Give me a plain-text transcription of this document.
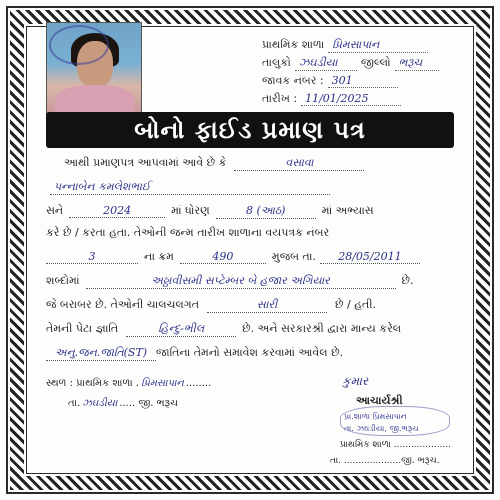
પ્રાથમિક શાળા પ્રિમસાપાન
તાલુકો ઝઘડીયા	જીલ્લો ભરૂચ
જાવક નંબર : 301
તારીખ : 11/01/2025
બોનો ફાઈડ પ્રમાણ પત્ર
આથી પ્રમાણપત્ર આપવામાં આવે છે કે	વસાવા
પન્નાબેન કમલેશભાઈ
સને	2024	માં ધોરણ	8 (આઠ)	માં અભ્યાસ
કરે છે / કરતા હતા. તેઓની જન્મ તારીખ શાળાના વયપત્રક નંબર
3	ના ક્રમ	490	મુજબ તા.	28/05/2011
શબ્દોમાં	અઠ્ઠાવીસમી સપ્ટેમ્બર બે હજાર અગિયાર	છે.
જે બરાબર છે. તેઓની ચાલચલગત	સારી	છે / હતી.
તેમની પેટા જ્ઞાતિ	હિન્દુ-ભીલ	છે. અને સરકારશ્રી દ્વારા માન્ય કરેલ
અનુ.જન.જાતિ(ST) જાતિના તેમનો સમાવેશ કરવામાં આવેલ છે.
સ્થળ : પ્રાથમિક શાળા . પ્રિમસાપાન ........
તા. ઝઘડીયા ..... જી. ભરૂચ
કુમાર
આચાર્યશ્રી
પ્રા.શાળા પ્રિમસાપાન
તા. ઝઘડીયા, જી.ભરૂચ
પ્રાથમિક શાળા ....................
તા. ....................જી. ભરૂચ.
